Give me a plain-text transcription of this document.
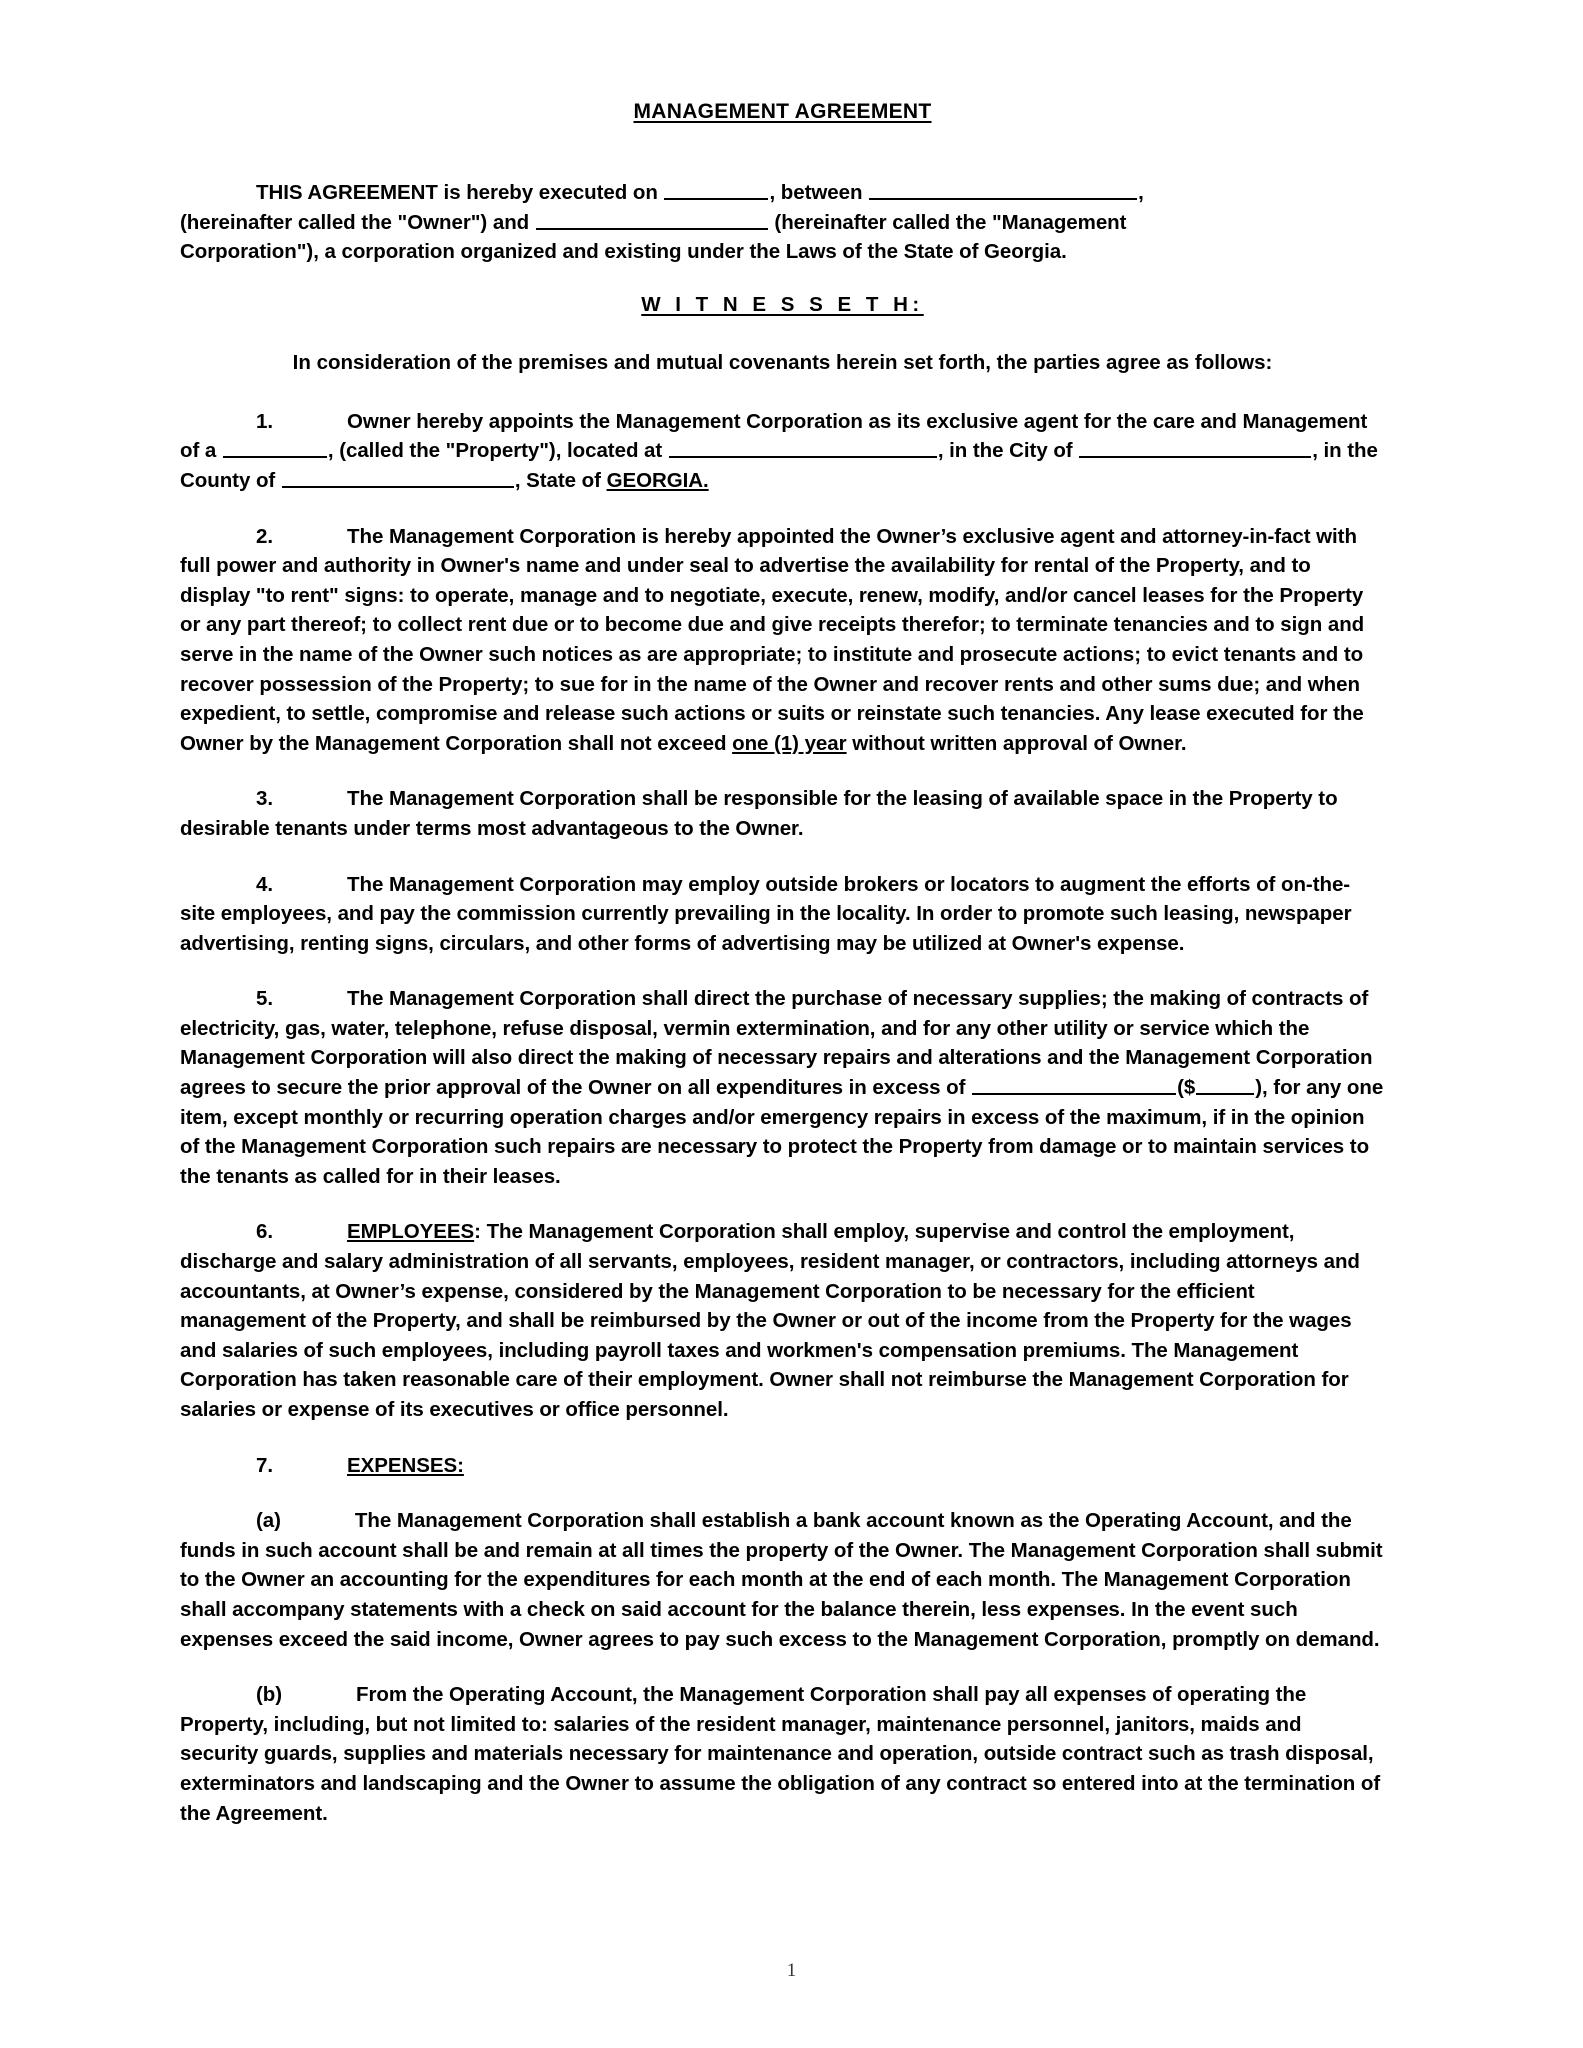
MANAGEMENT AGREEMENT

THIS AGREEMENT is hereby executed on	, between	,
(hereinafter called the "Owner") and	(hereinafter called the "Management
Corporation"), a corporation organized and existing under the Laws of the State of Georgia.

W I T N E S S E T H:

In consideration of the premises and mutual covenants herein set forth, the parties agree as follows:

1.	Owner hereby appoints the Management Corporation as its exclusive agent for the care and Management of a	, (called the "Property"), located at	, in the City of	, in the County of	, State of GEORGIA.

2.	The Management Corporation is hereby appointed the Owner’s exclusive agent and attorney-in-fact with full power and authority in Owner's name and under seal to advertise the availability for rental of the Property, and to display "to rent" signs: to operate, manage and to negotiate, execute, renew, modify, and/or cancel leases for the Property or any part thereof; to collect rent due or to become due and give receipts therefor; to terminate tenancies and to sign and serve in the name of the Owner such notices as are appropriate; to institute and prosecute actions; to evict tenants and to recover possession of the Property; to sue for in the name of the Owner and recover rents and other sums due; and when expedient, to settle, compromise and release such actions or suits or reinstate such tenancies. Any lease executed for the Owner by the Management Corporation shall not exceed one (1) year without written approval of Owner.

3.	The Management Corporation shall be responsible for the leasing of available space in the Property to desirable tenants under terms most advantageous to the Owner.

4.	The Management Corporation may employ outside brokers or locators to augment the efforts of on-the-site employees, and pay the commission currently prevailing in the locality. In order to promote such leasing, newspaper advertising, renting signs, circulars, and other forms of advertising may be utilized at Owner's expense.

5.	The Management Corporation shall direct the purchase of necessary supplies; the making of contracts of electricity, gas, water, telephone, refuse disposal, vermin extermination, and for any other utility or service which the Management Corporation will also direct the making of necessary repairs and alterations and the Management Corporation agrees to secure the prior approval of the Owner on all expenditures in excess of	($	), for any one item, except monthly or recurring operation charges and/or emergency repairs in excess of the maximum, if in the opinion of the Management Corporation such repairs are necessary to protect the Property from damage or to maintain services to the tenants as called for in their leases.

6.	EMPLOYEES: The Management Corporation shall employ, supervise and control the employment, discharge and salary administration of all servants, employees, resident manager, or contractors, including attorneys and accountants, at Owner’s expense, considered by the Management Corporation to be necessary for the efficient management of the Property, and shall be reimbursed by the Owner or out of the income from the Property for the wages and salaries of such employees, including payroll taxes and workmen's compensation premiums. The Management Corporation has taken reasonable care of their employment. Owner shall not reimburse the Management Corporation for salaries or expense of its executives or office personnel.

7.	EXPENSES:

(a)	The Management Corporation shall establish a bank account known as the Operating Account, and the funds in such account shall be and remain at all times the property of the Owner. The Management Corporation shall submit to the Owner an accounting for the expenditures for each month at the end of each month. The Management Corporation shall accompany statements with a check on said account for the balance therein, less expenses. In the event such expenses exceed the said income, Owner agrees to pay such excess to the Management Corporation, promptly on demand.

(b)	From the Operating Account, the Management Corporation shall pay all expenses of operating the Property, including, but not limited to: salaries of the resident manager, maintenance personnel, janitors, maids and security guards, supplies and materials necessary for maintenance and operation, outside contract such as trash disposal, exterminators and landscaping and the Owner to assume the obligation of any contract so entered into at the termination of the Agreement.

1
